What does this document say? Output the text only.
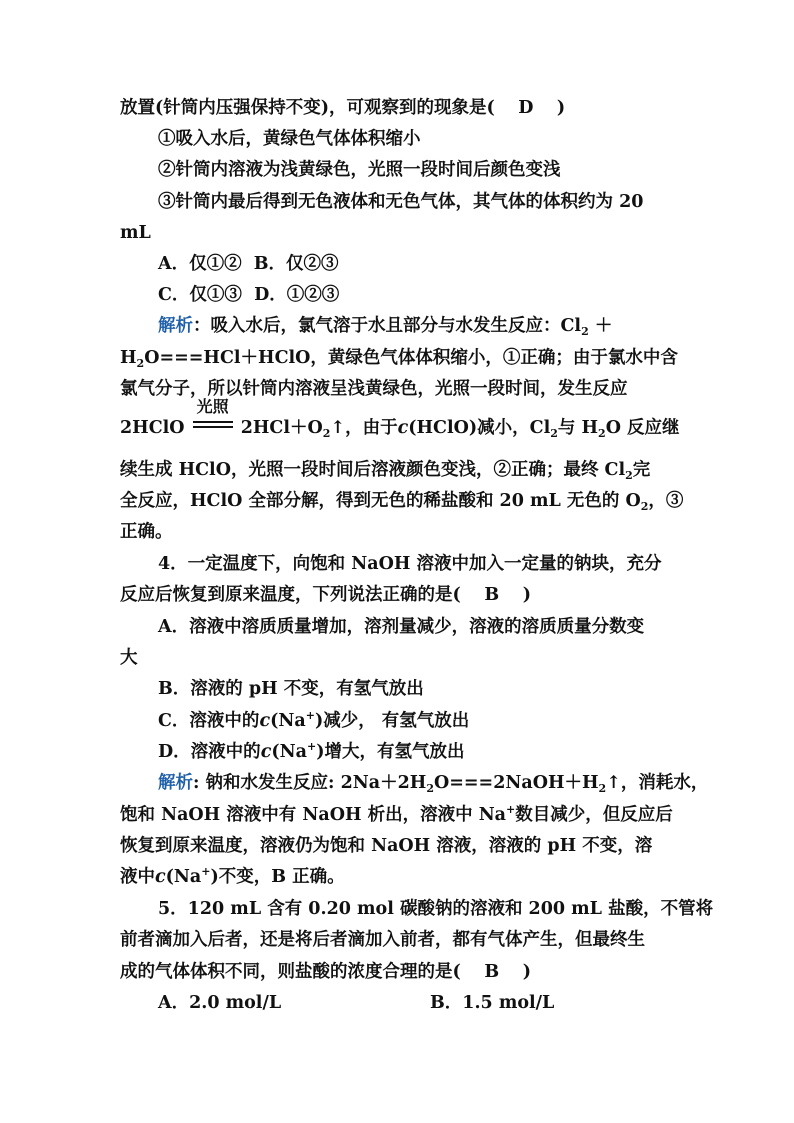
放置(针筒内压强保持不变)，可观察到的现象是( D )
①吸入水后，黄绿色气体体积缩小
②针筒内溶液为浅黄绿色，光照一段时间后颜色变浅
③针筒内最后得到无色液体和无色气体，其气体的体积约为 20
mL
A．仅①② B．仅②③
C．仅①③ D．①②③
解析：吸入水后，氯气溶于水且部分与水发生反应：$Cl_2$ ＋
$H_2O===HCl+HClO$，黄绿色气体体积缩小，①正确；由于氯水中含
氯气分子，所以针筒内溶液呈浅黄绿色，光照一段时间，发生反应
2HClO
光照
$2HCl+O_2↑$，由于c(HClO)减小，$Cl_2$与 $H_2O$ 反应继
续生成 HClO，光照一段时间后溶液颜色变浅，②正确；最终 $Cl_2$完
全反应，HClO 全部分解，得到无色的稀盐酸和 20 mL 无色的 $O_2$，③
正确。
4．一定温度下，向饱和 NaOH 溶液中加入一定量的钠块，充分
反应后恢复到原来温度，下列说法正确的是( B )
A．溶液中溶质质量增加，溶剂量减少，溶液的溶质质量分数变
大
B．溶液的 pH 不变，有氢气放出
C．溶液中的c(Na+)减少， 有氢气放出
D．溶液中的c(Na+)增大，有氢气放出
解析: 钠和水发生反应: $2Na+2H_2O===2NaOH+H_2↑$，消耗水，
饱和 NaOH 溶液中有 NaOH 析出，溶液中 Na+数目减少，但反应后
恢复到原来温度，溶液仍为饱和 NaOH 溶液，溶液的 pH 不变，溶
液中c(Na+)不变，B 正确。
5．120 mL 含有 0.20 mol 碳酸钠的溶液和 200 mL 盐酸，不管将
前者滴加入后者，还是将后者滴加入前者，都有气体产生，但最终生
成的气体体积不同，则盐酸的浓度合理的是( B )
A．2.0 mol/L	B．1.5 mol/L
